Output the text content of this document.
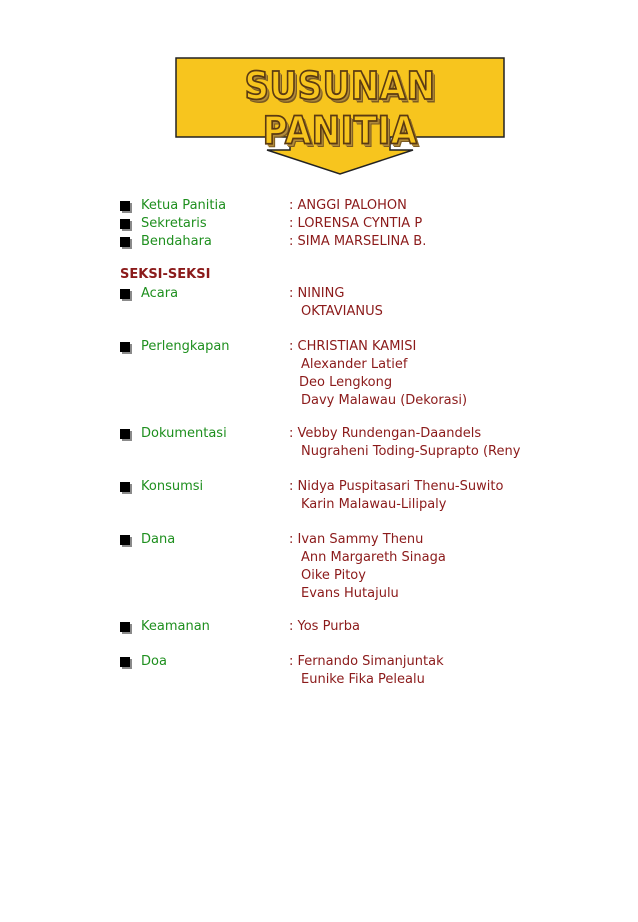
SUSUNAN PANITIA
Ketua Panitia	: ANGGI PALOHON
Sekretaris	: LORENSA CYNTIA P
Bendahara	: SIMA MARSELINA B.
SEKSI-SEKSI
Acara	: NINING
OKTAVIANUS
Perlengkapan	: CHRISTIAN KAMISI
Alexander Latief
Deo Lengkong
Davy Malawau (Dekorasi)
Dokumentasi	: Vebby Rundengan-Daandels
Nugraheni Toding-Suprapto (Reny
Konsumsi	: Nidya Puspitasari Thenu-Suwito
Karin Malawau-Lilipaly
Dana	: Ivan Sammy Thenu
Ann Margareth Sinaga
Oike Pitoy
Evans Hutajulu
Keamanan	: Yos Purba
Doa	: Fernando Simanjuntak
Eunike Fika Pelealu
